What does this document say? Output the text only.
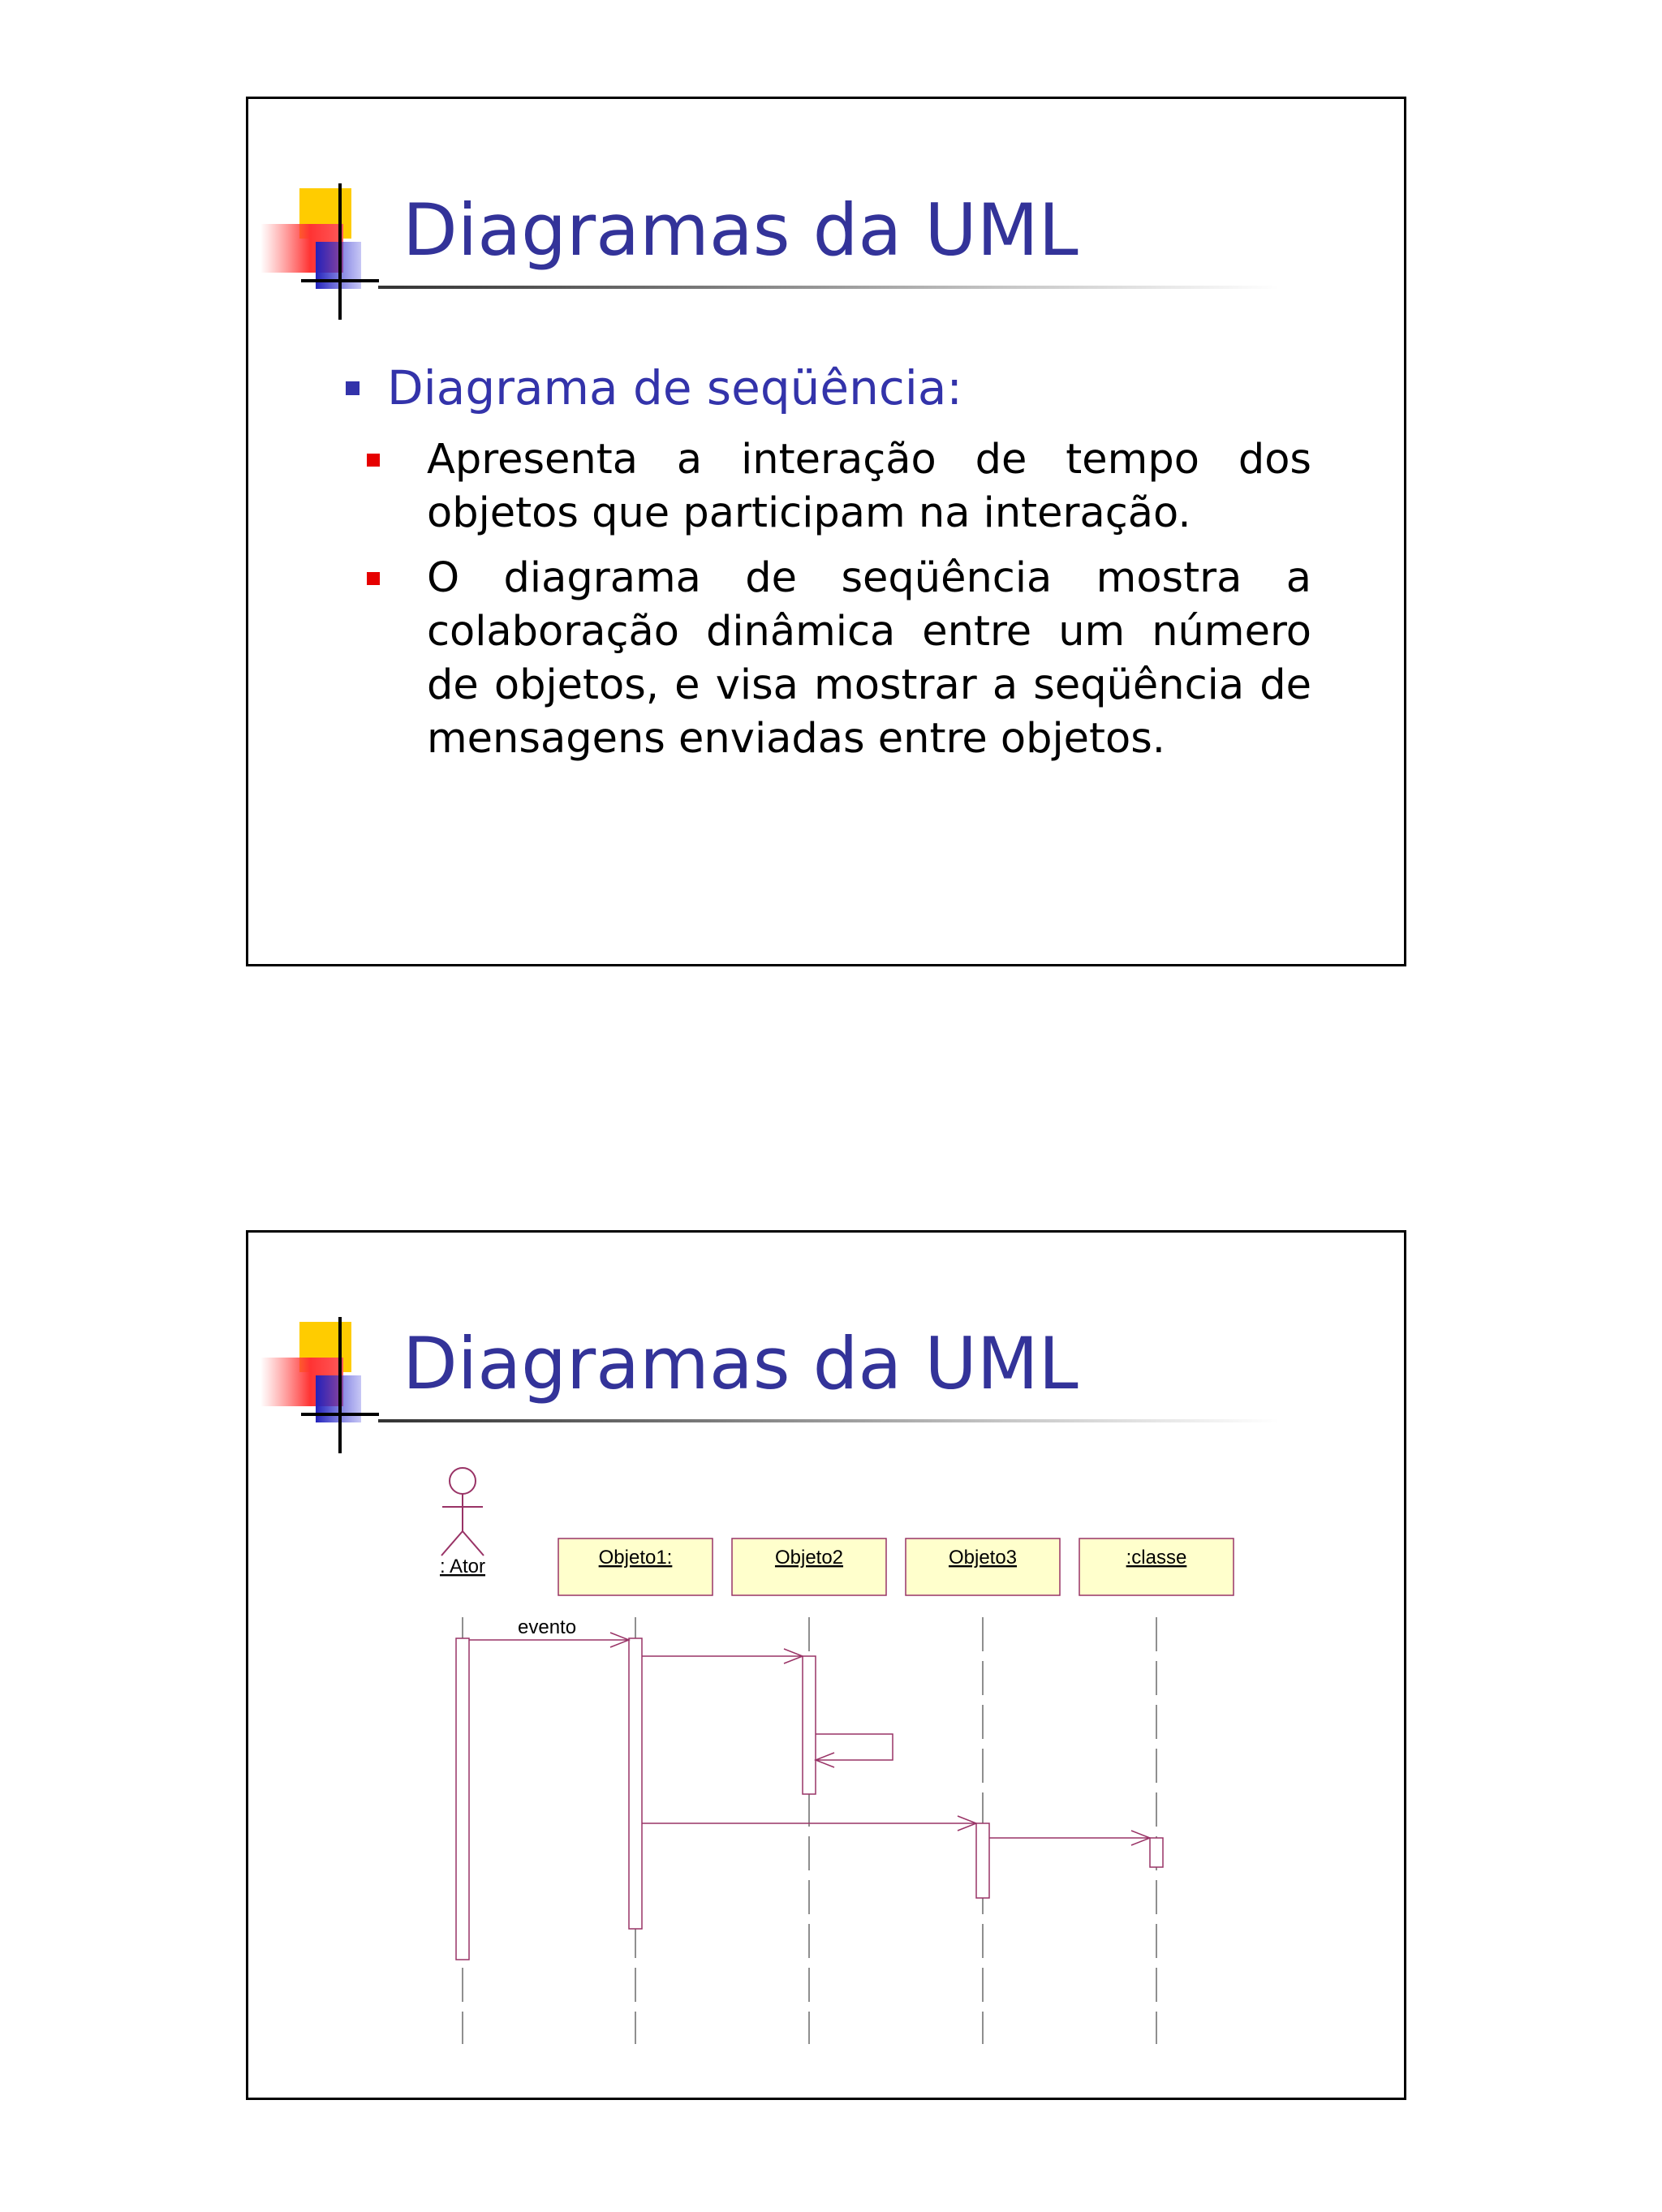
Diagramas da UML
Diagrama de seqüência:
Apresenta a interação de tempo dos objetos que participam na interação.
O diagrama de seqüência mostra a colaboração dinâmica entre um número de objetos, e visa mostrar a seqüência de mensagens enviadas entre objetos.
Diagramas da UML
: Ator	Objeto1:	Objeto2	Objeto3	:classe
evento
